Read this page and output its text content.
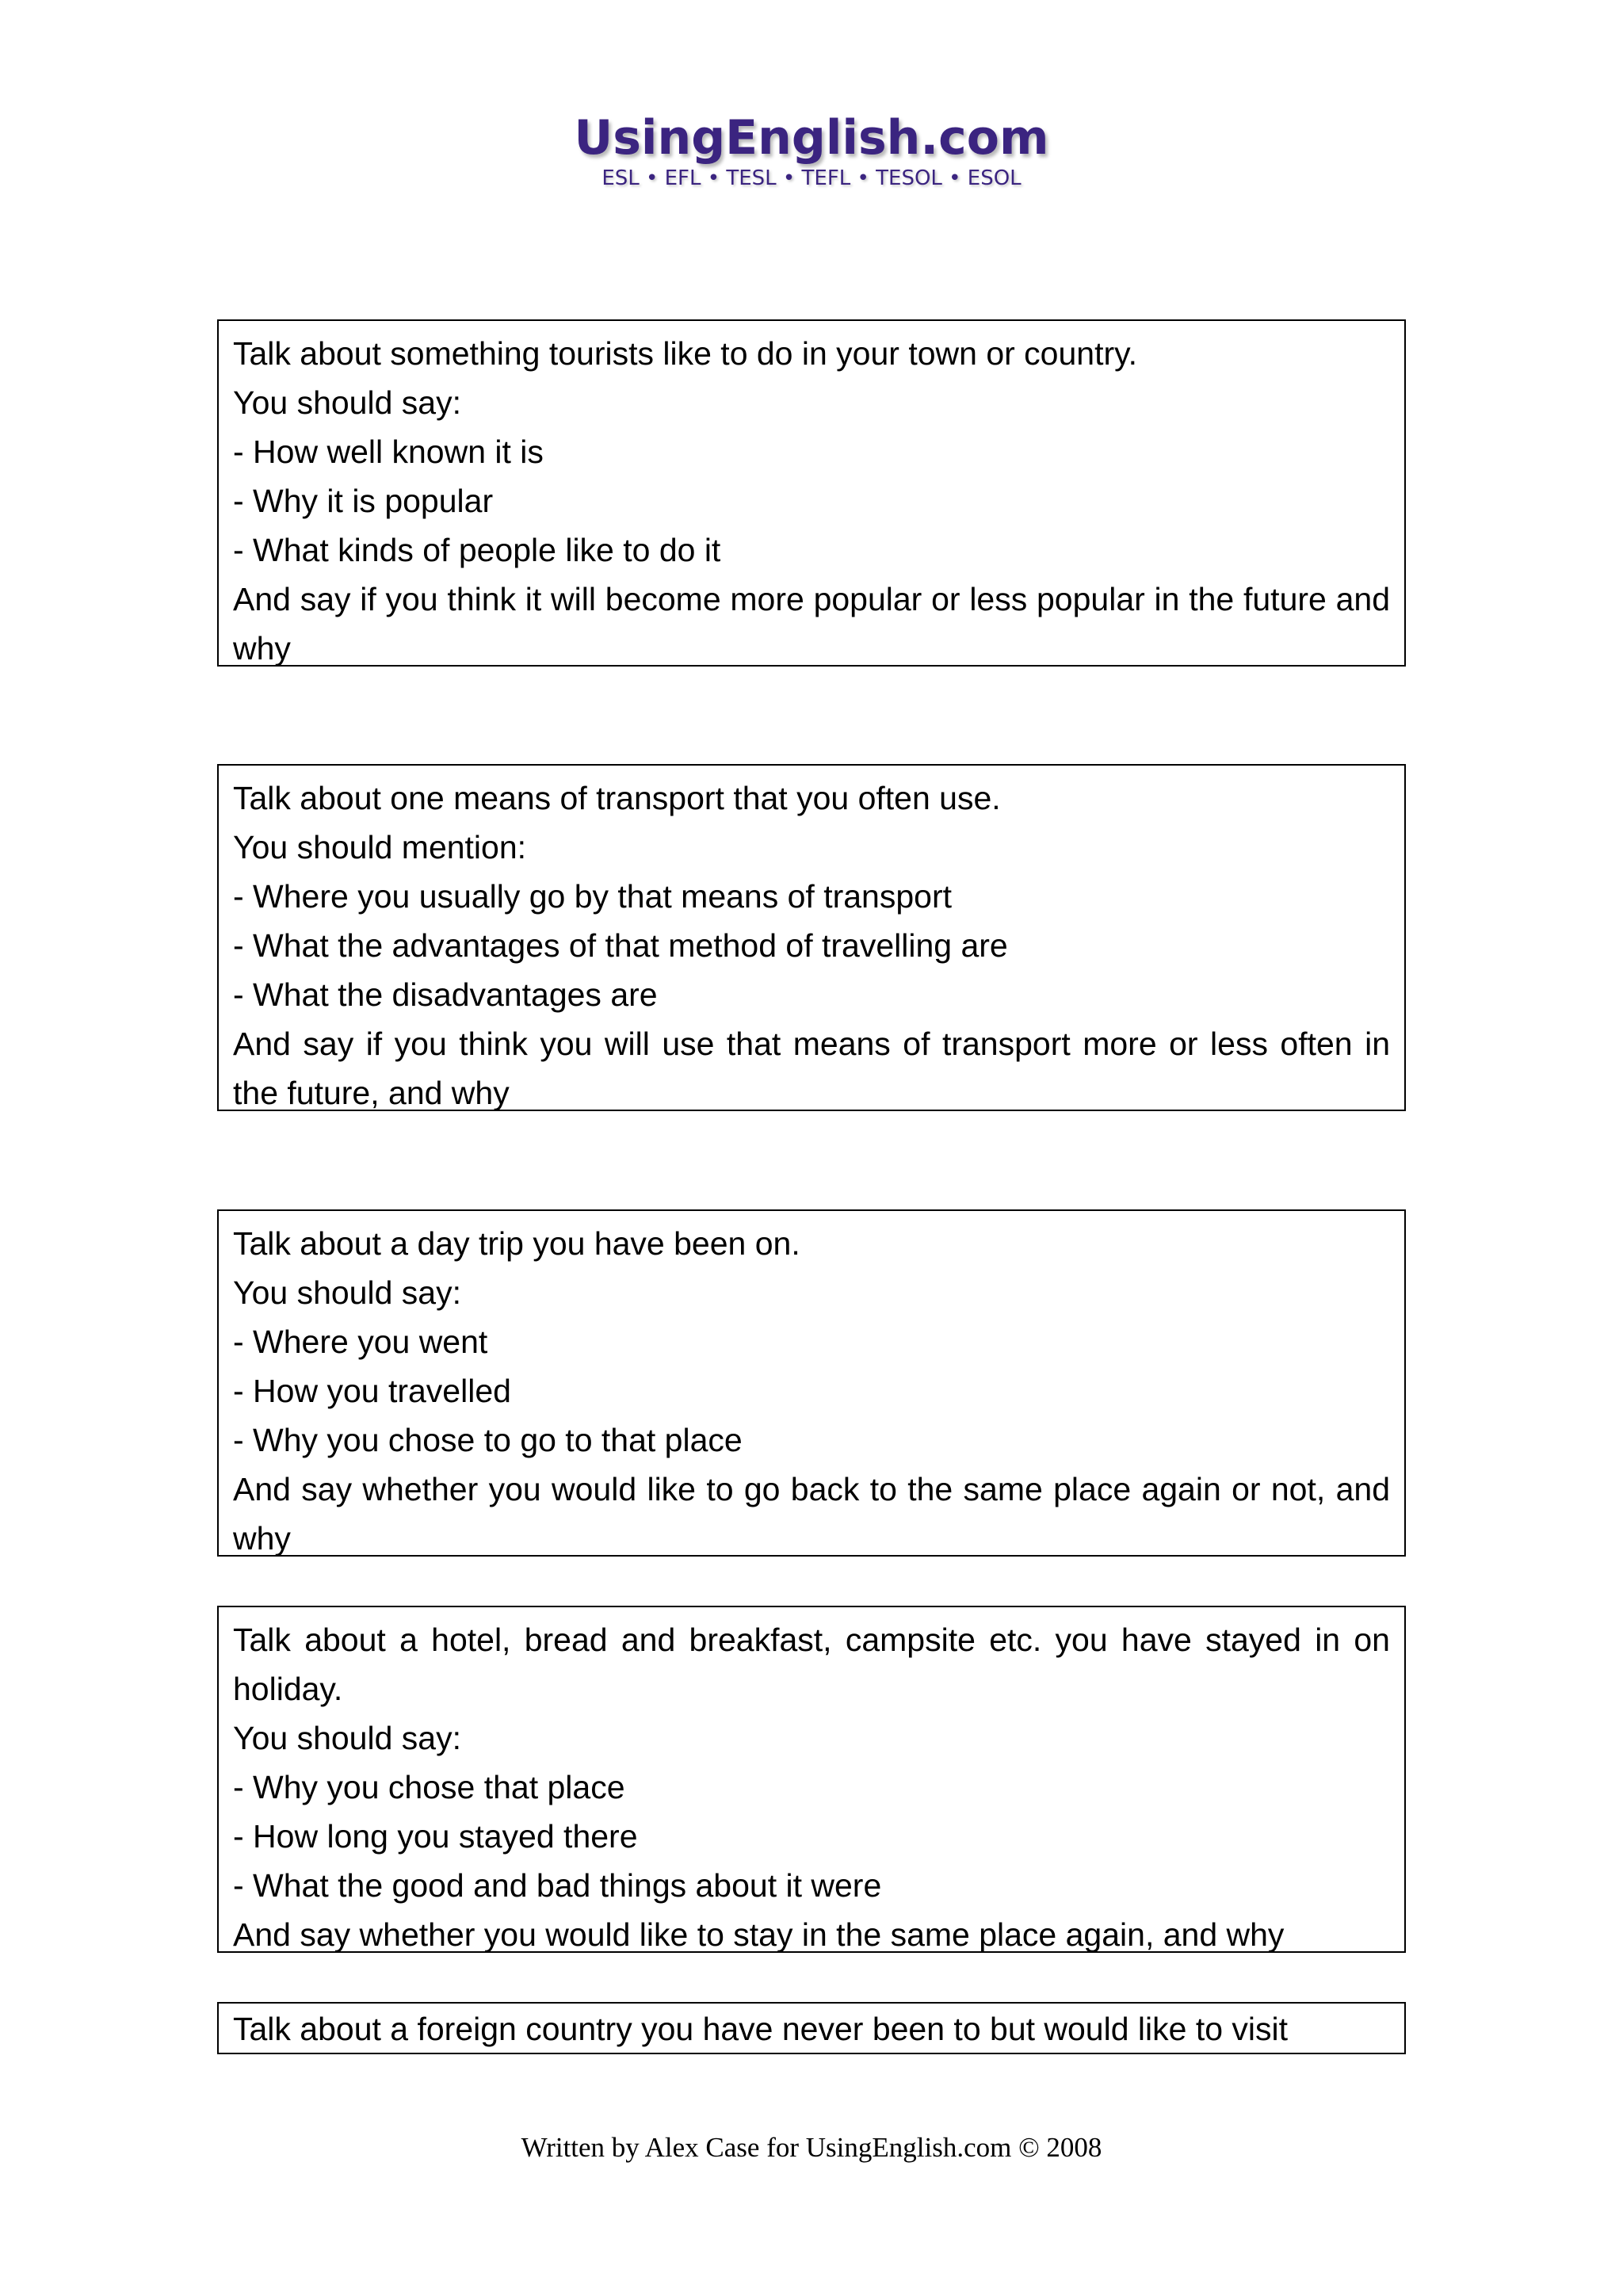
UsingEnglish.com
ESL • EFL • TESL • TEFL • TESOL • ESOL

Talk about something tourists like to do in your town or country.

You should say:

- How well known it is

- Why it is popular

- What kinds of people like to do it

And say if you think it will become more popular or less popular in the future and why

Talk about one means of transport that you often use.

You should mention:

- Where you usually go by that means of transport

- What the advantages of that method of travelling are

- What the disadvantages are

And say if you think you will use that means of transport more or less often in the future, and why

Talk about a day trip you have been on.

You should say:

- Where you went

- How you travelled

- Why you chose to go to that place

And say whether you would like to go back to the same place again or not, and why

Talk about a hotel, bread and breakfast, campsite etc. you have stayed in on holiday.

You should say:

- Why you chose that place

- How long you stayed there

- What the good and bad things about it were

And say whether you would like to stay in the same place again, and why

Talk about a foreign country you have never been to but would like to visit

Written by Alex Case for UsingEnglish.com © 2008
